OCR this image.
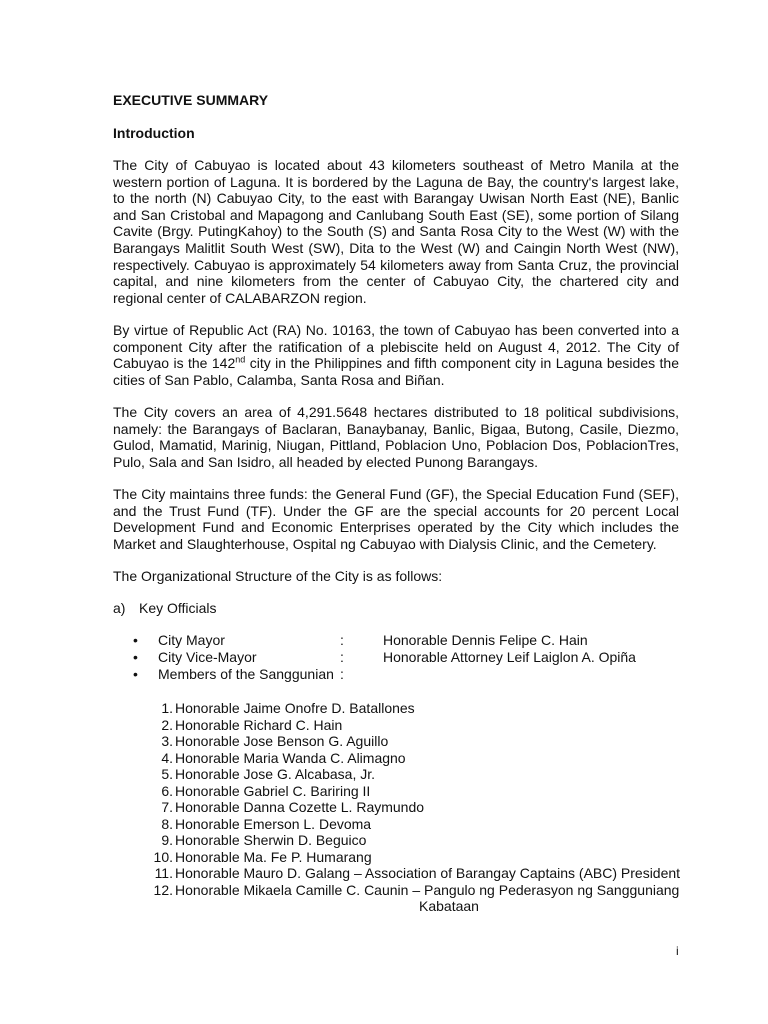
EXECUTIVE SUMMARY
Introduction

The City of Cabuyao is located about 43 kilometers southeast of Metro Manila at the western portion of Laguna. It is bordered by the Laguna de Bay, the country's largest lake, to the north (N) Cabuyao City, to the east with Barangay Uwisan North East (NE), Banlic and San Cristobal and Mapagong and Canlubang South East (SE), some portion of Silang Cavite (Brgy. PutingKahoy) to the South (S) and Santa Rosa City to the West (W) with the Barangays Malitlit South West (SW), Dita to the West (W) and Caingin North West (NW), respectively. Cabuyao is approximately 54 kilometers away from Santa Cruz, the provincial capital, and nine kilometers from the center of Cabuyao City, the chartered city and regional center of CALABARZON region.

By virtue of Republic Act (RA) No. 10163, the town of Cabuyao has been converted into a component City after the ratification of a plebiscite held on August 4, 2012. The City of Cabuyao is the 142nd city in the Philippines and fifth component city in Laguna besides the cities of San Pablo, Calamba, Santa Rosa and Biñan.

The City covers an area of 4,291.5648 hectares distributed to 18 political subdivisions, namely: the Barangays of Baclaran, Banaybanay, Banlic, Bigaa, Butong, Casile, Diezmo, Gulod, Mamatid, Marinig, Niugan, Pittland, Poblacion Uno, Poblacion Dos, PoblacionTres, Pulo, Sala and San Isidro, all headed by elected Punong Barangays.

The City maintains three funds: the General Fund (GF), the Special Education Fund (SEF), and the Trust Fund (TF). Under the GF are the special accounts for 20 percent Local Development Fund and Economic Enterprises operated by the City which includes the Market and Slaughterhouse, Ospital ng Cabuyao with Dialysis Clinic, and the Cemetery.

The Organizational Structure of the City is as follows:

a) Key Officials
• City Mayor	:	Honorable Dennis Felipe C. Hain
• City Vice-Mayor	:	Honorable Attorney Leif Laiglon A. Opiña
• Members of the Sanggunian :
1. Honorable Jaime Onofre D. Batallones
2. Honorable Richard C. Hain
3. Honorable Jose Benson G. Aguillo
4. Honorable Maria Wanda C. Alimagno
5. Honorable Jose G. Alcabasa, Jr.
6. Honorable Gabriel C. Bariring II
7. Honorable Danna Cozette L. Raymundo
8. Honorable Emerson L. Devoma
9. Honorable Sherwin D. Beguico
10. Honorable Ma. Fe P. Humarang
11. Honorable Mauro D. Galang – Association of Barangay Captains (ABC) President
12. Honorable Mikaela Camille C. Caunin – Pangulo ng Pederasyon ng Sangguniang
Kabataan
i
